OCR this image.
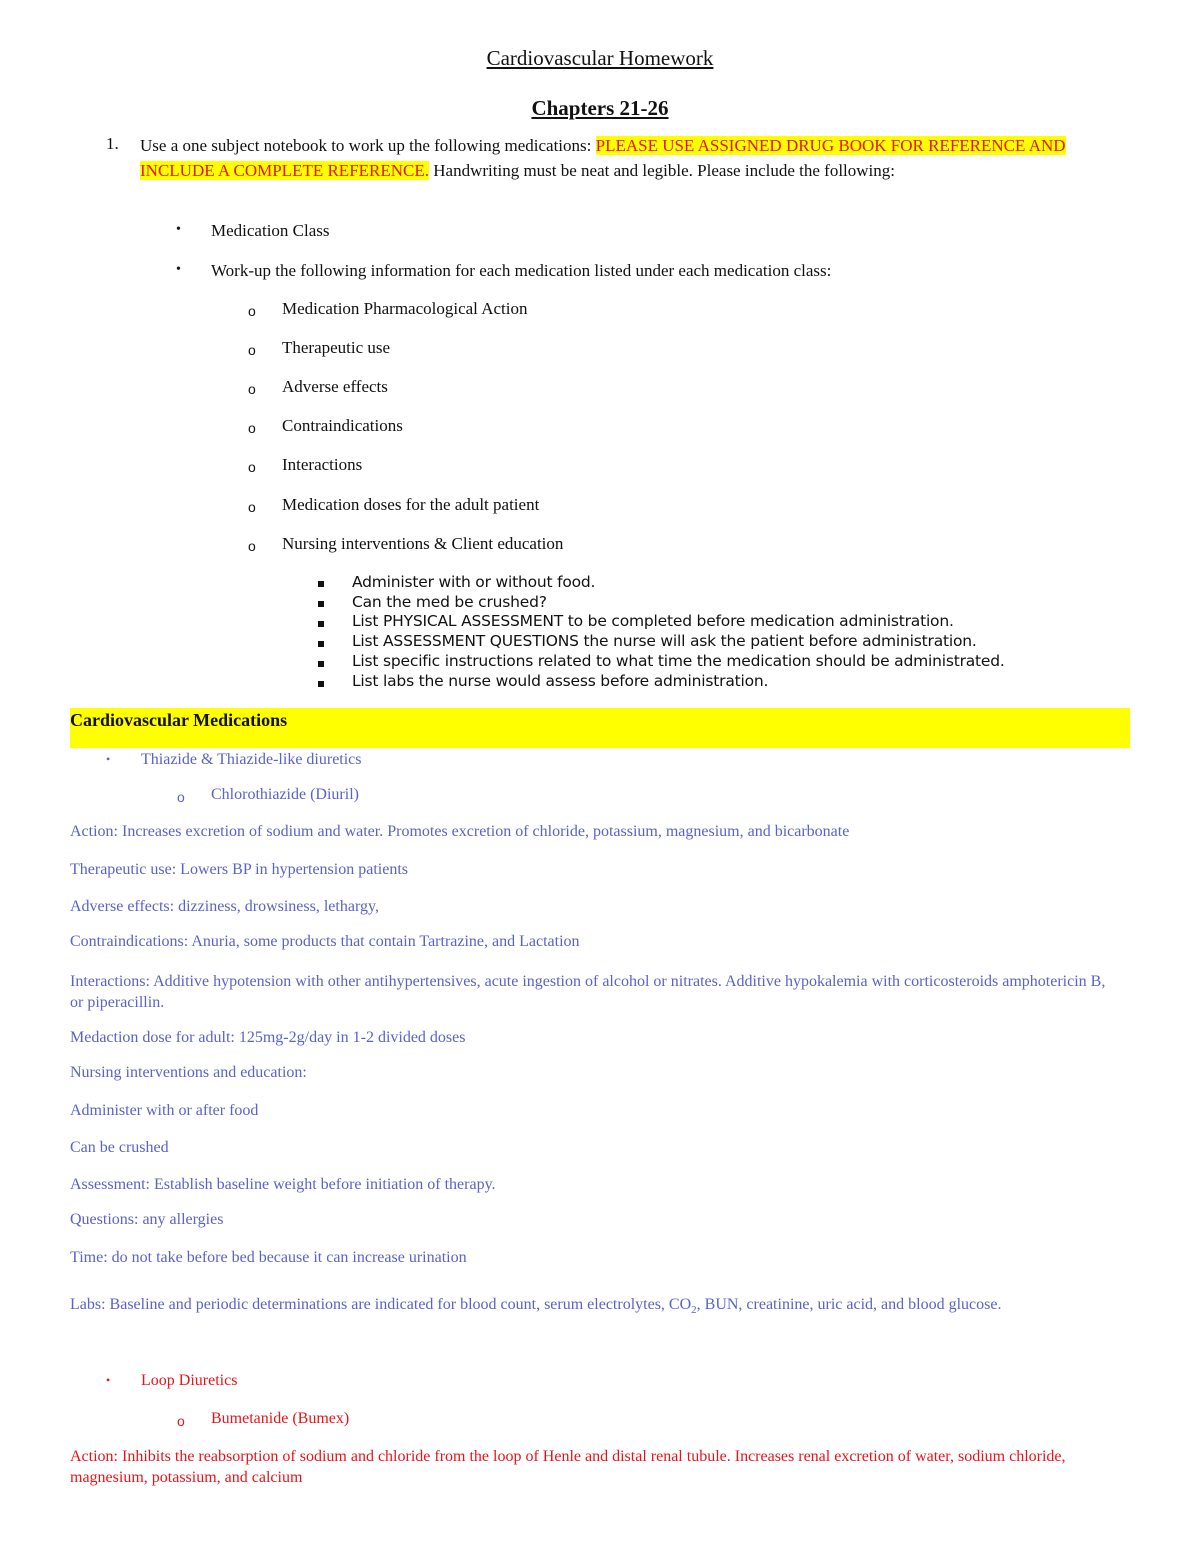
Cardiovascular Homework
Chapters 21-26
1. Use a one subject notebook to work up the following medications: PLEASE USE ASSIGNED DRUG BOOK FOR REFERENCE AND INCLUDE A COMPLETE REFERENCE. Handwriting must be neat and legible. Please include the following:
• Medication Class
• Work-up the following information for each medication listed under each medication class:
o Medication Pharmacological Action
o Therapeutic use
o Adverse effects
o Contraindications
o Interactions
o Medication doses for the adult patient
o Nursing interventions & Client education
Administer with or without food.
Can the med be crushed?
List PHYSICAL ASSESSMENT to be completed before medication administration.
List ASSESSMENT QUESTIONS the nurse will ask the patient before administration.
List specific instructions related to what time the medication should be administrated.
List labs the nurse would assess before administration.
Cardiovascular Medications
• Thiazide & Thiazide-like diuretics
o Chlorothiazide (Diuril)
Action: Increases excretion of sodium and water. Promotes excretion of chloride, potassium, magnesium, and bicarbonate
Therapeutic use: Lowers BP in hypertension patients
Adverse effects: dizziness, drowsiness, lethargy,
Contraindications: Anuria, some products that contain Tartrazine, and Lactation
Interactions: Additive hypotension with other antihypertensives, acute ingestion of alcohol or nitrates. Additive hypokalemia with corticosteroids amphotericin B, or piperacillin.
Medaction dose for adult: 125mg-2g/day in 1-2 divided doses
Nursing interventions and education:
Administer with or after food
Can be crushed
Assessment: Establish baseline weight before initiation of therapy.
Questions: any allergies
Time: do not take before bed because it can increase urination
Labs: Baseline and periodic determinations are indicated for blood count, serum electrolytes, $CO_2$, BUN, creatinine, uric acid, and blood glucose.
• Loop Diuretics
o Bumetanide (Bumex)
Action: Inhibits the reabsorption of sodium and chloride from the loop of Henle and distal renal tubule. Increases renal excretion of water, sodium chloride, magnesium, potassium, and calcium
